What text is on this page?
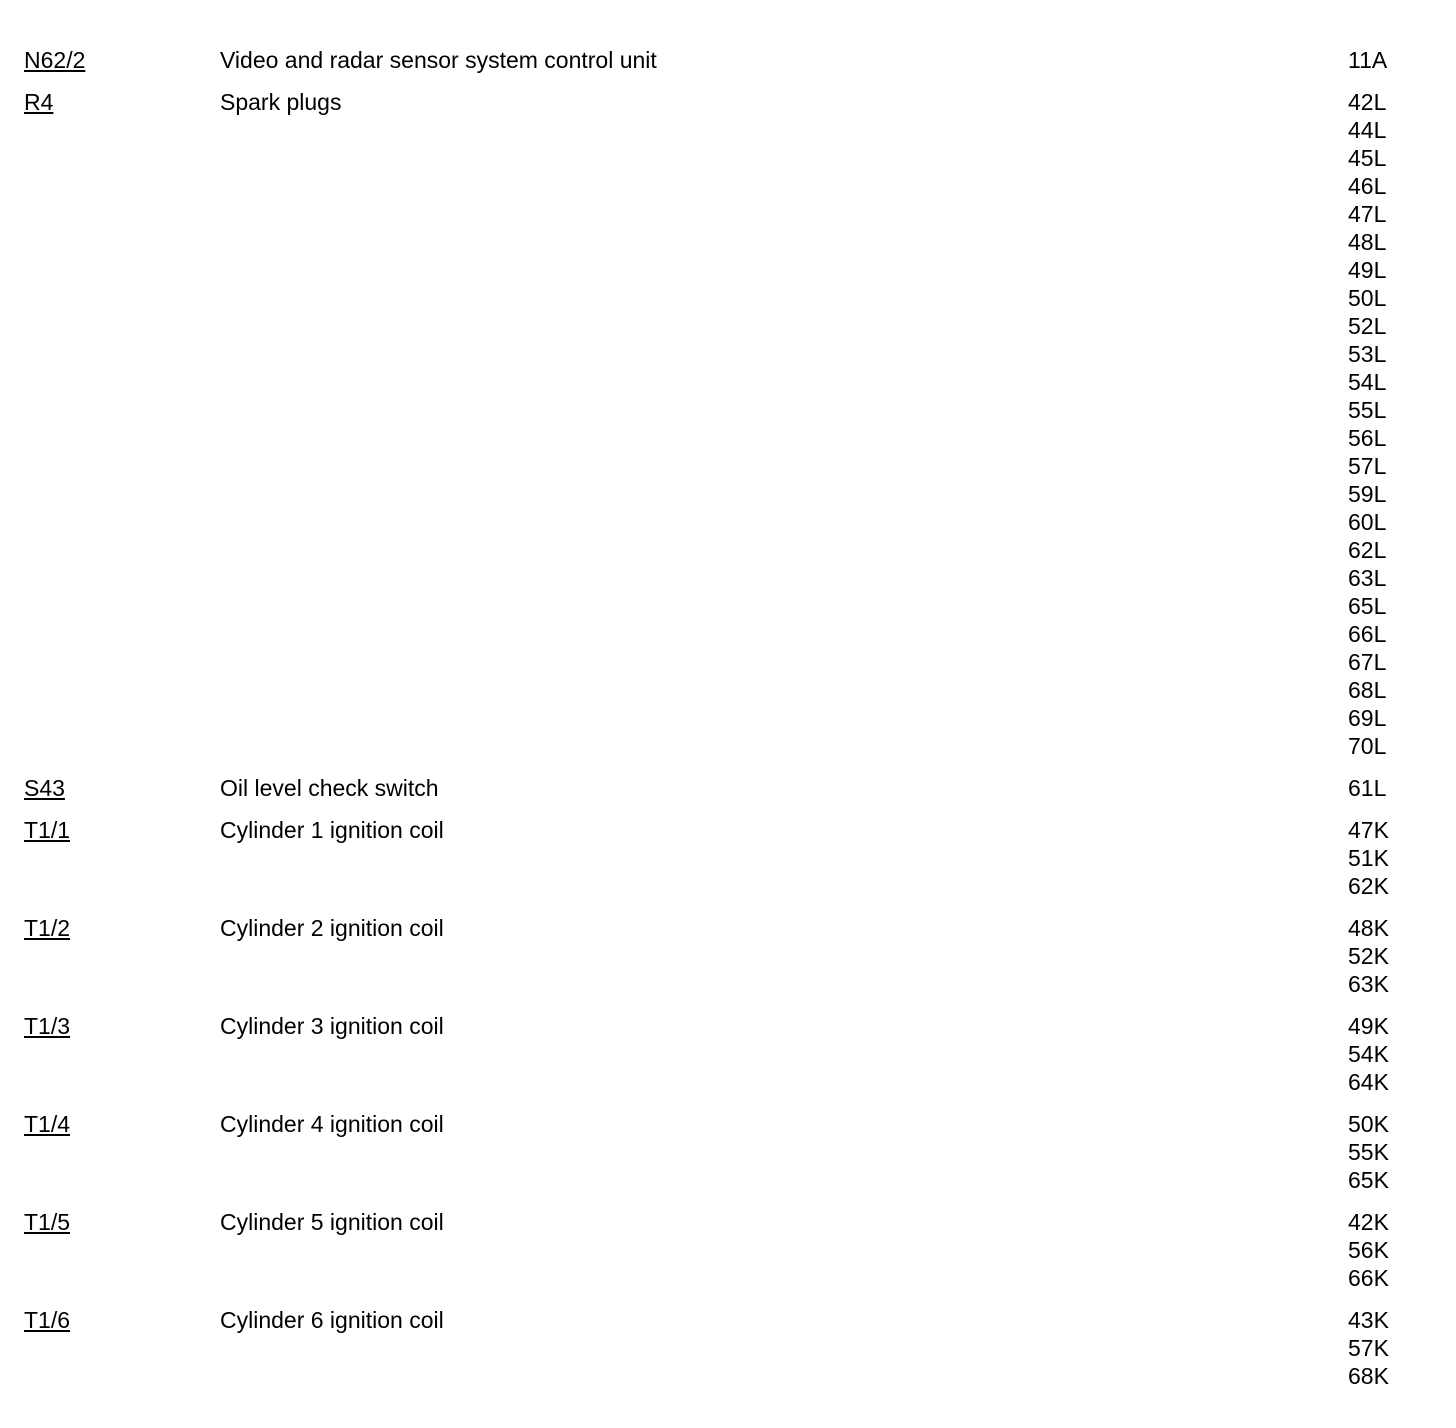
N62/2	Video and radar sensor system control unit	11A
R4	Spark plugs	42L
44L
45L
46L
47L
48L
49L
50L
52L
53L
54L
55L
56L
57L
59L
60L
62L
63L
65L
66L
67L
68L
69L
70L
S43	Oil level check switch	61L
T1/1	Cylinder 1 ignition coil	47K
51K
62K
T1/2	Cylinder 2 ignition coil	48K
52K
63K
T1/3	Cylinder 3 ignition coil	49K
54K
64K
T1/4	Cylinder 4 ignition coil	50K
55K
65K
T1/5	Cylinder 5 ignition coil	42K
56K
66K
T1/6	Cylinder 6 ignition coil	43K
57K
68K
